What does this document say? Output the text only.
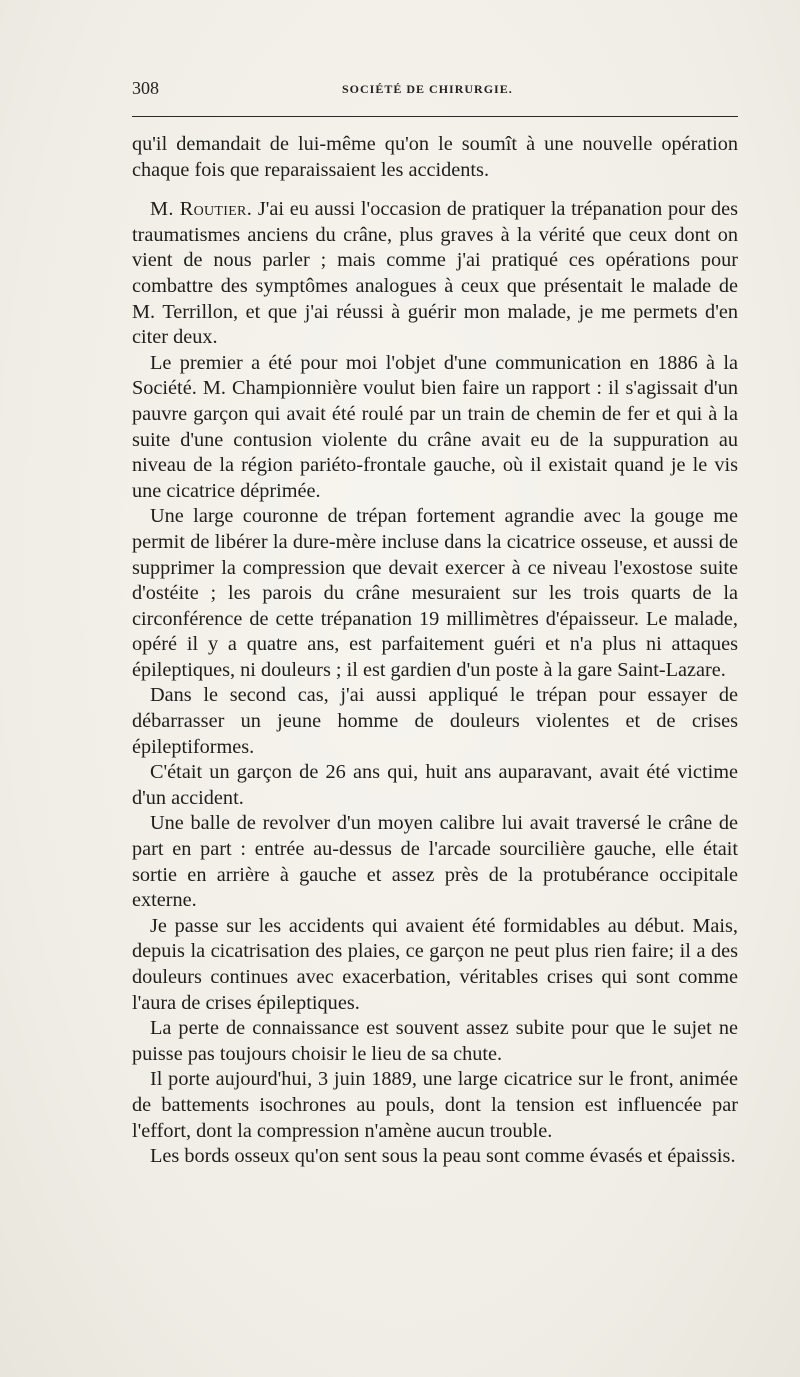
308	SOCIÉTÉ DE CHIRURGIE.

qu'il demandait de lui-même qu'on le soumît à une nouvelle opération chaque fois que reparaissaient les accidents.

M. Routier. J'ai eu aussi l'occasion de pratiquer la trépanation pour des traumatismes anciens du crâne, plus graves à la vérité que ceux dont on vient de nous parler ; mais comme j'ai pratiqué ces opérations pour combattre des symptômes analogues à ceux que présentait le malade de M. Terrillon, et que j'ai réussi à guérir mon malade, je me permets d'en citer deux.

Le premier a été pour moi l'objet d'une communication en 1886 à la Société. M. Championnière voulut bien faire un rapport : il s'agissait d'un pauvre garçon qui avait été roulé par un train de chemin de fer et qui à la suite d'une contusion violente du crâne avait eu de la suppuration au niveau de la région pariéto-frontale gauche, où il existait quand je le vis une cicatrice déprimée.

Une large couronne de trépan fortement agrandie avec la gouge me permit de libérer la dure-mère incluse dans la cicatrice osseuse, et aussi de supprimer la compression que devait exercer à ce niveau l'exostose suite d'ostéite ; les parois du crâne mesuraient sur les trois quarts de la circonférence de cette trépanation 19 millimètres d'épaisseur. Le malade, opéré il y a quatre ans, est parfaitement guéri et n'a plus ni attaques épileptiques, ni douleurs ; il est gardien d'un poste à la gare Saint-Lazare.

Dans le second cas, j'ai aussi appliqué le trépan pour essayer de débarrasser un jeune homme de douleurs violentes et de crises épileptiformes.

C'était un garçon de 26 ans qui, huit ans auparavant, avait été victime d'un accident.

Une balle de revolver d'un moyen calibre lui avait traversé le crâne de part en part : entrée au-dessus de l'arcade sourcilière gauche, elle était sortie en arrière à gauche et assez près de la protubérance occipitale externe.

Je passe sur les accidents qui avaient été formidables au début. Mais, depuis la cicatrisation des plaies, ce garçon ne peut plus rien faire; il a des douleurs continues avec exacerbation, véritables crises qui sont comme l'aura de crises épileptiques.

La perte de connaissance est souvent assez subite pour que le sujet ne puisse pas toujours choisir le lieu de sa chute.

Il porte aujourd'hui, 3 juin 1889, une large cicatrice sur le front, animée de battements isochrones au pouls, dont la tension est influencée par l'effort, dont la compression n'amène aucun trouble.

Les bords osseux qu'on sent sous la peau sont comme évasés et épaissis.
